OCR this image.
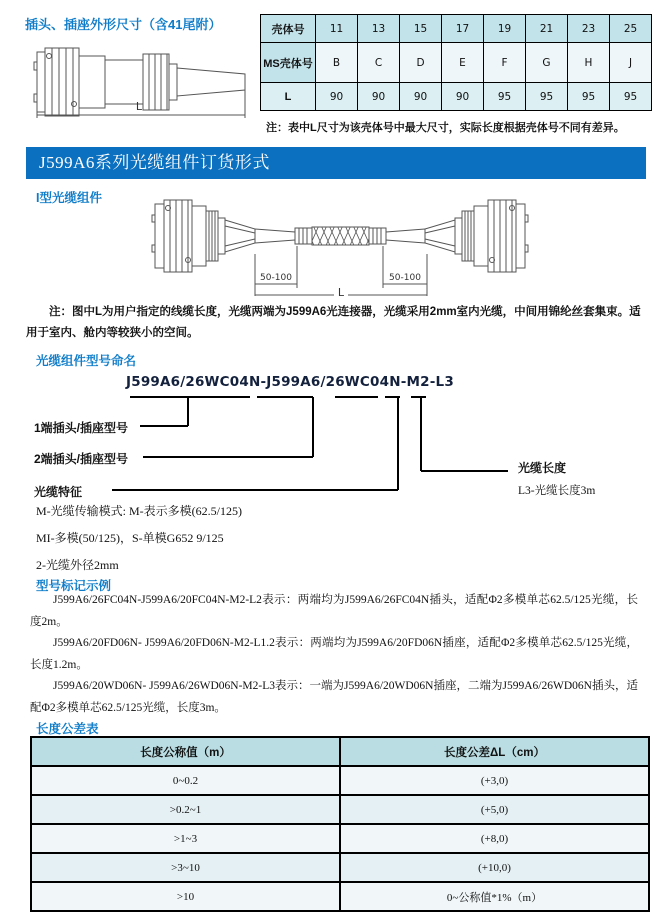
插头、插座外形尺寸（含41尾附）
L
壳体号	11	13	15	17	19	21	23	25
MS壳体号	B	C	D	E	F	G	H	J
L	90	90	90	90	95	95	95	95
注：表中L尺寸为该壳体号中最大尺寸，实际长度根据壳体号不同有差异。
J599A6系列光缆组件订货形式
I型光缆组件
50-100	50-100
L

注：图中L为用户指定的线缆长度，光缆两端为J599A6光连接器，光缆采用2mm室内光缆，中间用锦纶丝套集束。适用于室内、舱内等较狭小的空间。

光缆组件型号命名
J599A6/26WC04N-J599A6/26WC04N-M2-L3
1端插头/插座型号
2端插头/插座型号
光缆特征
光缆长度
L3-光缆长度3m
M-光缆传输模式: M-表示多模(62.5/125)
MI-多模(50/125)，S-单模G652 9/125
2-光缆外径2mm
型号标记示例

J599A6/26FC04N-J599A6/20FC04N-M2-L2表示：两端均为J599A6/26FC04N插头，适配Φ2多模单芯62.5/125光缆，长度2m。

J599A6/20FD06N- J599A6/20FD06N-M2-L1.2表示：两端均为J599A6/20FD06N插座，适配Φ2多模单芯62.5/125光缆，长度1.2m。

J599A6/20WD06N- J599A6/26WD06N-M2-L3表示：一端为J599A6/20WD06N插座，二端为J599A6/26WD06N插头，适配Φ2多模单芯62.5/125光缆，长度3m。

长度公差表
长度公称值（m）	长度公差ΔL（cm）
0~0.2	(+3,0)
>0.2~1	(+5,0)
>1~3	(+8,0)
>3~10	(+10,0)
>10	0~公称值*1%（m）
